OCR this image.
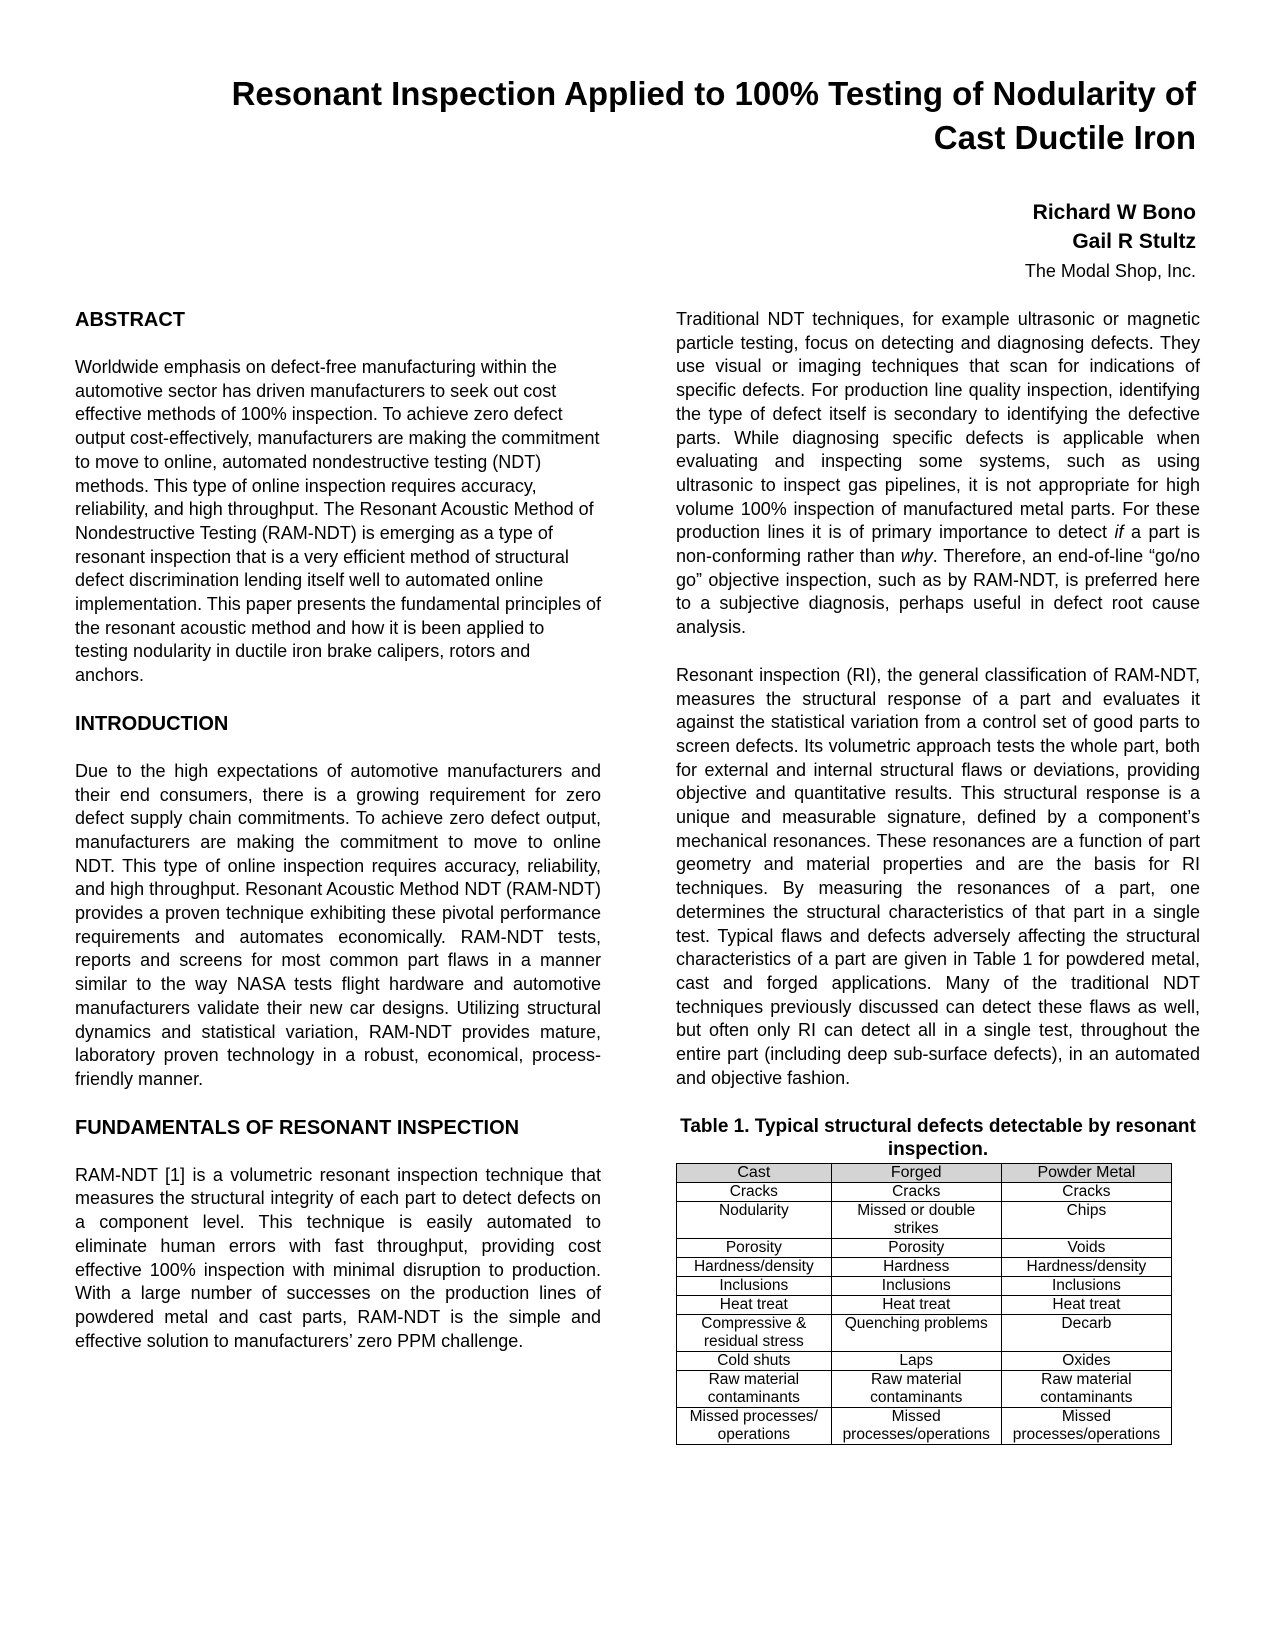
Resonant Inspection Applied to 100% Testing of Nodularity of
Cast Ductile Iron
Richard W Bono
Gail R Stultz
The Modal Shop, Inc.
ABSTRACT
Worldwide emphasis on defect-free manufacturing within the automotive sector has driven manufacturers to seek out cost effective methods of 100% inspection. To achieve zero defect output cost-effectively, manufacturers are making the commitment to move to online, automated nondestructive testing (NDT) methods. This type of online inspection requires accuracy, reliability, and high throughput. The Resonant Acoustic Method of Nondestructive Testing (RAM-NDT) is emerging as a type of resonant inspection that is a very efficient method of structural defect discrimination lending itself well to automated online implementation. This paper presents the fundamental principles of the resonant acoustic method and how it is been applied to testing nodularity in ductile iron brake calipers, rotors and anchors.
INTRODUCTION
Due to the high expectations of automotive manufacturers and their end consumers, there is a growing requirement for zero defect supply chain commitments. To achieve zero defect output, manufacturers are making the commitment to move to online NDT. This type of online inspection requires accuracy, reliability, and high throughput. Resonant Acoustic Method NDT (RAM-NDT) provides a proven technique exhibiting these pivotal performance requirements and automates economically. RAM-NDT tests, reports and screens for most common part flaws in a manner similar to the way NASA tests flight hardware and automotive manufacturers validate their new car designs. Utilizing structural dynamics and statistical variation, RAM-NDT provides mature, laboratory proven technology in a robust, economical, process-friendly manner.
FUNDAMENTALS OF RESONANT INSPECTION
RAM-NDT [1] is a volumetric resonant inspection technique that measures the structural integrity of each part to detect defects on a component level. This technique is easily automated to eliminate human errors with fast throughput, providing cost effective 100% inspection with minimal disruption to production. With a large number of successes on the production lines of powdered metal and cast parts, RAM-NDT is the simple and effective solution to manufacturers’ zero PPM challenge.
Traditional NDT techniques, for example ultrasonic or magnetic particle testing, focus on detecting and diagnosing defects. They use visual or imaging techniques that scan for indications of specific defects. For production line quality inspection, identifying the type of defect itself is secondary to identifying the defective parts. While diagnosing specific defects is applicable when evaluating and inspecting some systems, such as using ultrasonic to inspect gas pipelines, it is not appropriate for high volume 100% inspection of manufactured metal parts. For these production lines it is of primary importance to detect if a part is non-conforming rather than why. Therefore, an end-of-line “go/no go” objective inspection, such as by RAM-NDT, is preferred here to a subjective diagnosis, perhaps useful in defect root cause analysis.
Resonant inspection (RI), the general classification of RAM-NDT, measures the structural response of a part and evaluates it against the statistical variation from a control set of good parts to screen defects. Its volumetric approach tests the whole part, both for external and internal structural flaws or deviations, providing objective and quantitative results. This structural response is a unique and measurable signature, defined by a component’s mechanical resonances. These resonances are a function of part geometry and material properties and are the basis for RI techniques. By measuring the resonances of a part, one determines the structural characteristics of that part in a single test. Typical flaws and defects adversely affecting the structural characteristics of a part are given in Table 1 for powdered metal, cast and forged applications. Many of the traditional NDT techniques previously discussed can detect these flaws as well, but often only RI can detect all in a single test, throughout the entire part (including deep sub-surface defects), in an automated and objective fashion.
Table 1. Typical structural defects detectable by resonant inspection.
Cast	Forged	Powder Metal
Cracks	Cracks	Cracks
Nodularity	Missed or double strikes	Chips
Porosity	Porosity	Voids
Hardness/density	Hardness	Hardness/density
Inclusions	Inclusions	Inclusions
Heat treat	Heat treat	Heat treat
Compressive & residual stress	Quenching problems	Decarb
Cold shuts	Laps	Oxides
Raw material contaminants	Raw material contaminants	Raw material contaminants
Missed processes/ operations	Missed processes/operations	Missed processes/operations
